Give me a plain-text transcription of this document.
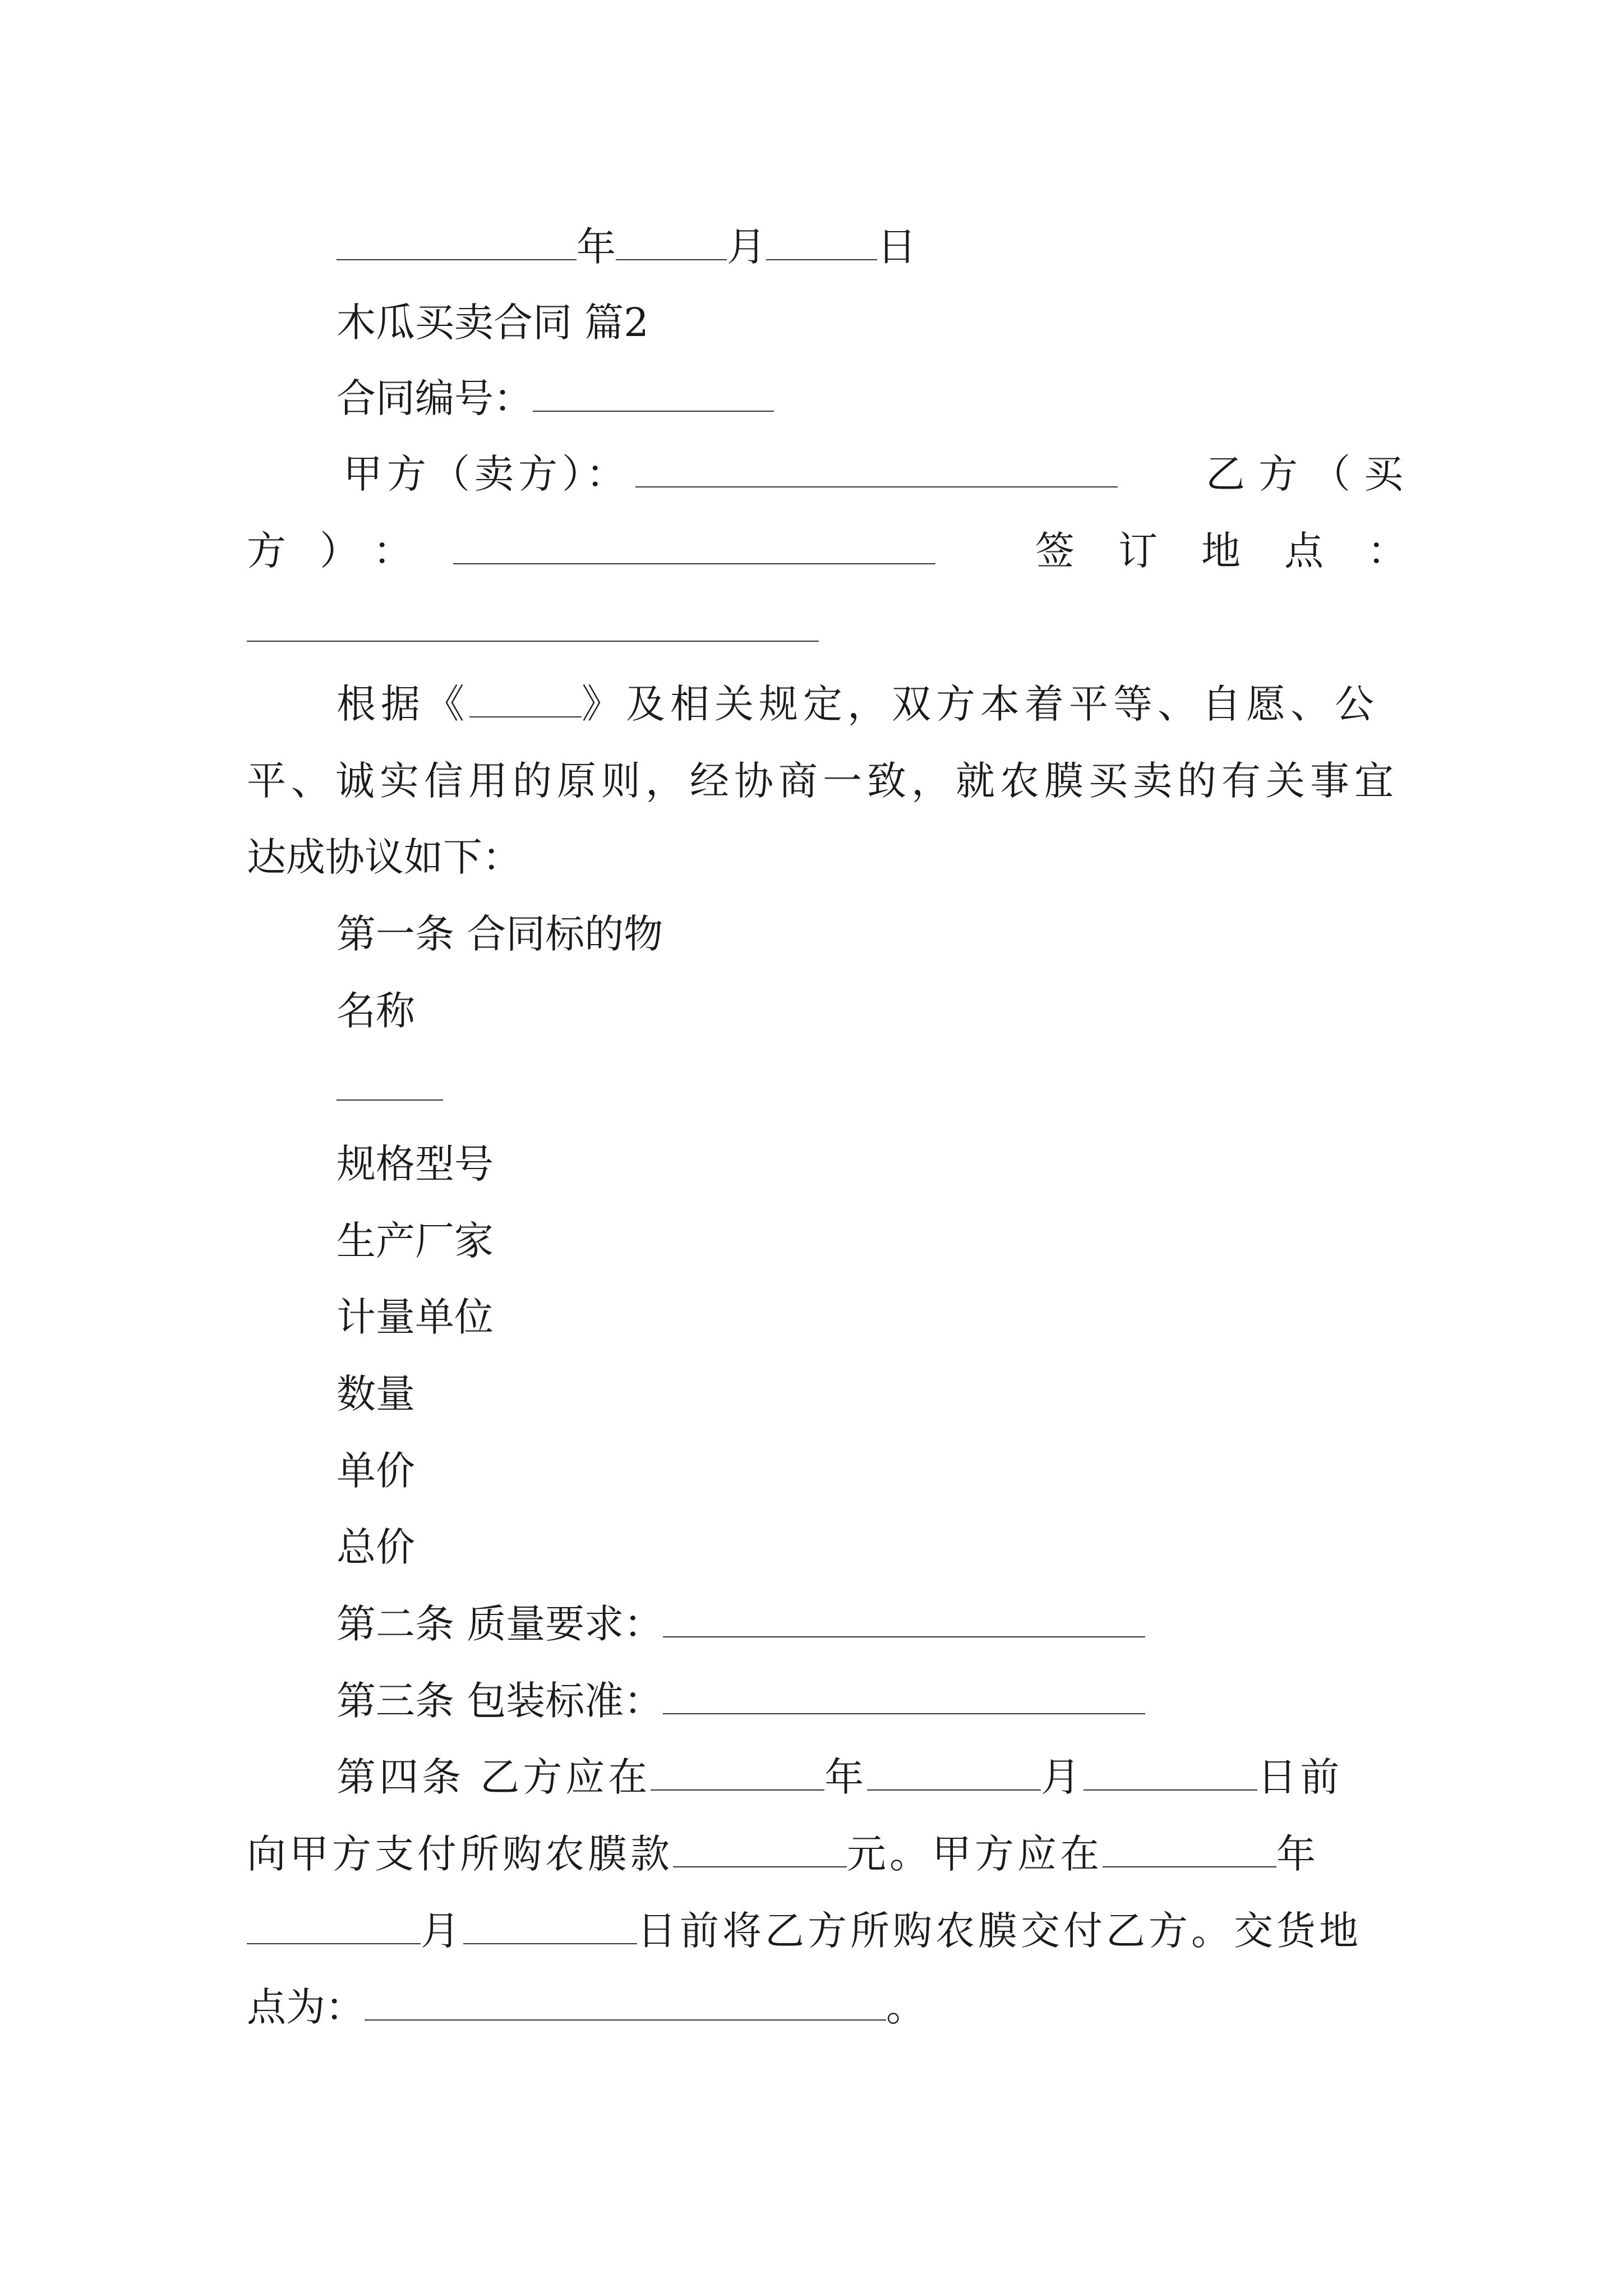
年	月	日
木瓜买卖合同 篇2
合同编号：
甲方（卖方）：	乙方（买
方）：	签订地点：
根据《	》及相关规定，双方本着平等、自愿、公
平、诚实信用的原则，经协商一致，就农膜买卖的有关事宜
达成协议如下：
第一条 合同标的物
名称
规格型号
生产厂家
计量单位
数量
单价
总价
第二条 质量要求：
第三条 包装标准：
第四条 乙方应在	年	月	日前
向甲方支付所购农膜款	元。甲方应在	年
月	日前将乙方所购农膜交付乙方。交货地
点为：	。
